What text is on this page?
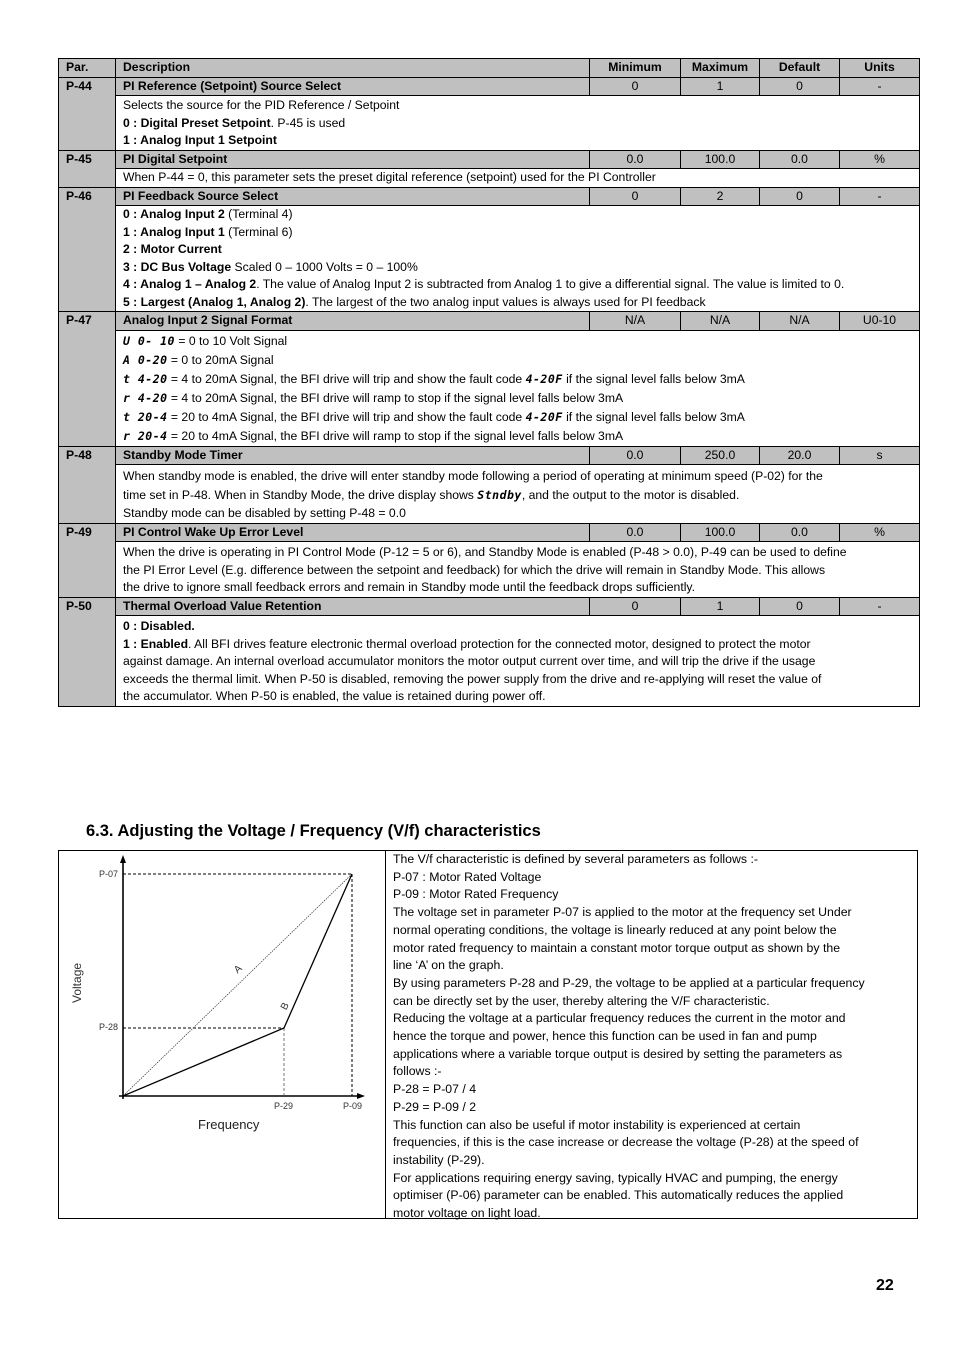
Par.	Description	Minimum	Maximum	Default	Units
P-44	PI Reference (Setpoint) Source Select	0	1	0	-

	Selects the source for the PID Reference / Setpoint
0 : Digital Preset Setpoint. P-45 is used
1 : Analog Input 1 Setpoint				

P-45	PI Digital Setpoint	0.0	100.0	0.0	%

	When P-44 = 0, this parameter sets the preset digital reference (setpoint) used for the PI Controller				

P-46	PI Feedback Source Select	0	2	0	-

0 : Analog Input 2 (Terminal 4)
1 : Analog Input 1 (Terminal 6)
2 : Motor Current
3 : DC Bus Voltage Scaled 0 – 1000 Volts = 0 – 100%
4 : Analog 1 – Analog 2. The value of Analog Input 2 is subtracted from Analog 1 to give a differential signal. The value is limited to 0.
5 : Largest (Analog 1, Analog 2). The largest of the two analog input values is always used for PI feedback

P-47	Analog Input 2 Signal Format	N/A	N/A	N/A	U0-10

U 0- 10 = 0 to 10 Volt Signal
A 0-20 = 0 to 20mA Signal
t 4-20 = 4 to 20mA Signal, the BFI drive will trip and show the fault code 4-20F if the signal level falls below 3mA
r 4-20 = 4 to 20mA Signal, the BFI drive will ramp to stop if the signal level falls below 3mA
t 20-4 = 20 to 4mA Signal, the BFI drive will trip and show the fault code 4-20F if the signal level falls below 3mA
r 20-4 = 20 to 4mA Signal, the BFI drive will ramp to stop if the signal level falls below 3mA

P-48	Standby Mode Timer	0.0	250.0	20.0	s

	When standby mode is enabled, the drive will enter standby mode following a period of operating at minimum speed (P-02) for the
time set in P-48. When in Standby Mode, the drive display shows Stndby, and the output to the motor is disabled.
Standby mode can be disabled by setting P-48 = 0.0				

P-49	PI Control Wake Up Error Level	0.0	100.0	0.0	%

	When the drive is operating in PI Control Mode (P-12 = 5 or 6), and Standby Mode is enabled (P-48 > 0.0), P-49 can be used to define
the PI Error Level (E.g. difference between the setpoint and feedback) for which the drive will remain in Standby Mode. This allows
the drive to ignore small feedback errors and remain in Standby mode until the feedback drops sufficiently.				

P-50	Thermal Overload Value Retention	0	1	0	-

	0 : Disabled.
1 : Enabled. All BFI drives feature electronic thermal overload protection for the connected motor, designed to protect the motor
against damage. An internal overload accumulator monitors the motor output current over time, and will trip the drive if the usage
exceeds the thermal limit. When P-50 is disabled, removing the power supply from the drive and re-applying will reset the value of
the accumulator. When P-50 is enabled, the value is retained during power off.				
6.3. Adjusting the Voltage / Frequency (V/f) characteristics
P-07
P-28
P-29	P-09
A
B
Voltage
Frequency
The V/f characteristic is defined by several parameters as follows :-
P-07 : Motor Rated Voltage
P-09 : Motor Rated Frequency
The voltage set in parameter P-07 is applied to the motor at the frequency set Under
normal operating conditions, the voltage is linearly reduced at any point below the
motor rated frequency to maintain a constant motor torque output as shown by the
line ‘A’ on the graph.
By using parameters P-28 and P-29, the voltage to be applied at a particular frequency
can be directly set by the user, thereby altering the V/F characteristic.
Reducing the voltage at a particular frequency reduces the current in the motor and
hence the torque and power, hence this function can be used in fan and pump
applications where a variable torque output is desired by setting the parameters as
follows :-
P-28 = P-07 / 4
P-29 = P-09 / 2
This function can also be useful if motor instability is experienced at certain
frequencies, if this is the case increase or decrease the voltage (P-28) at the speed of
instability (P-29).
For applications requiring energy saving, typically HVAC and pumping, the energy
optimiser (P-06) parameter can be enabled. This automatically reduces the applied
motor voltage on light load.
22
